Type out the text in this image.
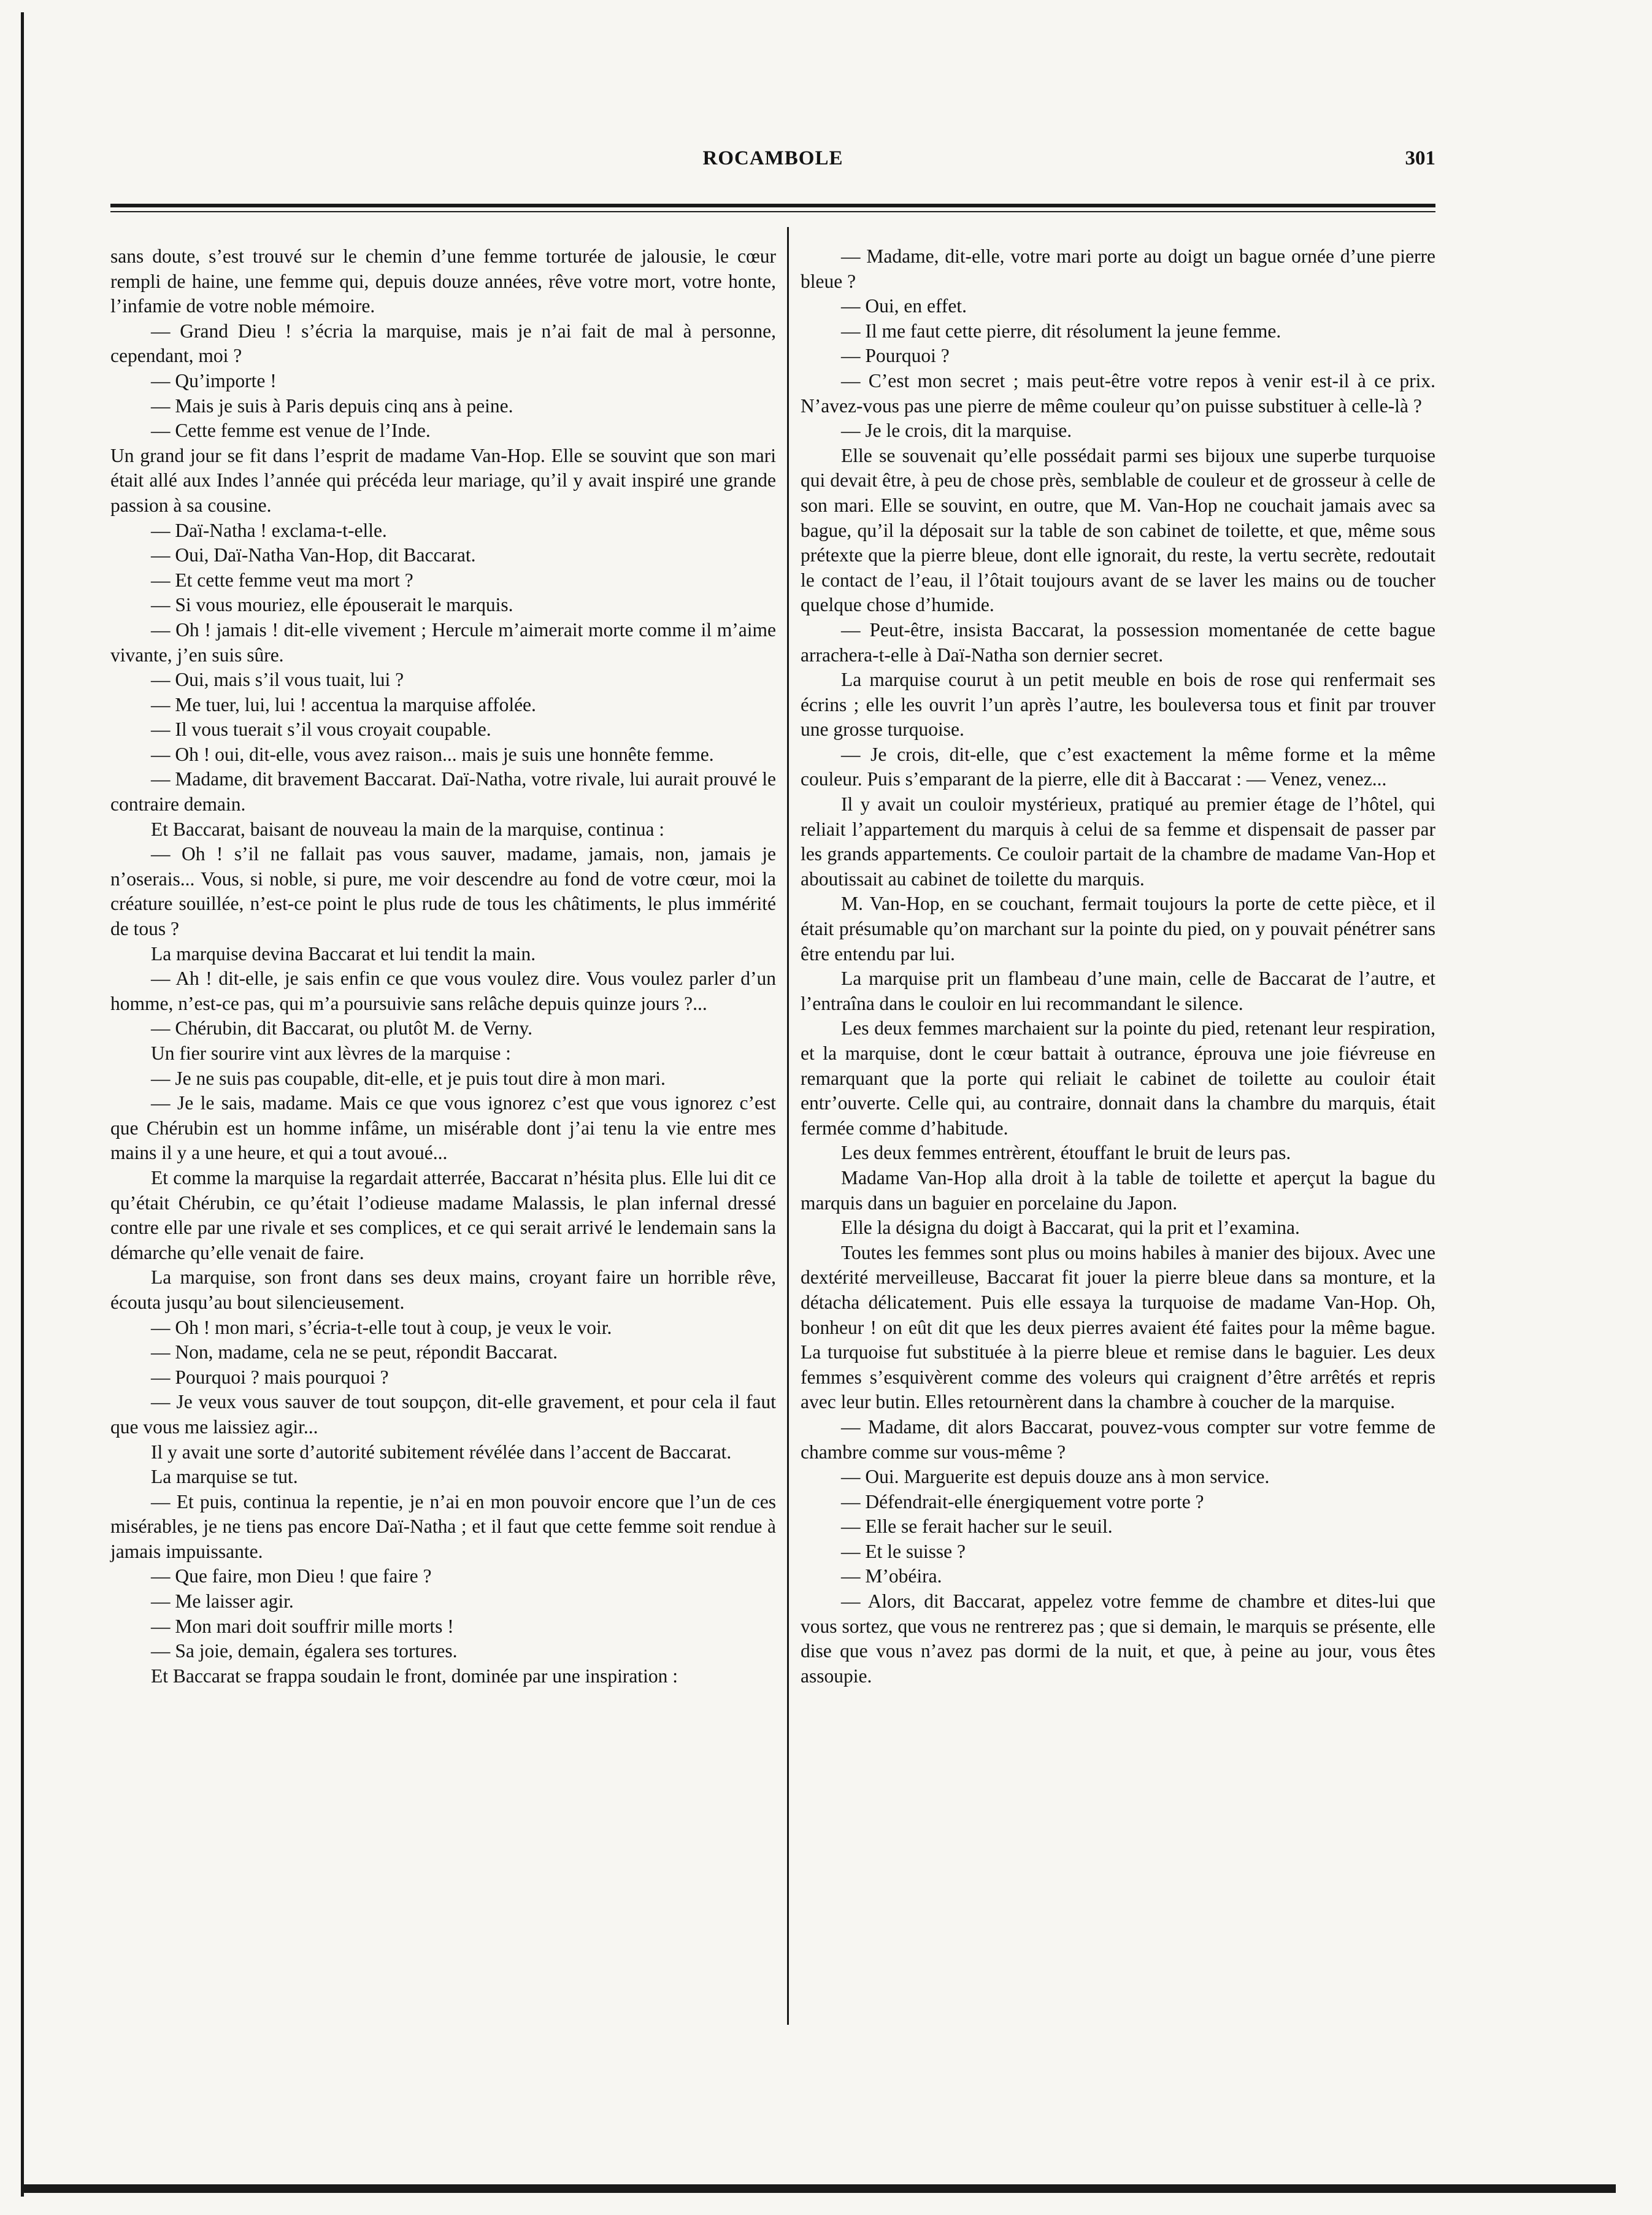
ROCAMBOLE	301

sans doute, s’est trouvé sur le chemin d’une femme torturée de jalousie, le cœur rempli de haine, une femme qui, depuis douze années, rêve votre mort, votre honte, l’infamie de votre noble mémoire.

— Grand Dieu ! s’écria la marquise, mais je n’ai fait de mal à personne, cependant, moi ?

— Qu’importe !

— Mais je suis à Paris depuis cinq ans à peine.

— Cette femme est venue de l’Inde.

Un grand jour se fit dans l’esprit de madame Van-Hop. Elle se souvint que son mari était allé aux Indes l’année qui précéda leur mariage, qu’il y avait inspiré une grande passion à sa cousine.

— Daï-Natha ! exclama-t-elle.

— Oui, Daï-Natha Van-Hop, dit Baccarat.

— Et cette femme veut ma mort ?

— Si vous mouriez, elle épouserait le marquis.

— Oh ! jamais ! dit-elle vivement ; Hercule m’aimerait morte comme il m’aime vivante, j’en suis sûre.

— Oui, mais s’il vous tuait, lui ?

— Me tuer, lui, lui ! accentua la marquise affolée.

— Il vous tuerait s’il vous croyait coupable.

— Oh ! oui, dit-elle, vous avez raison... mais je suis une honnête femme.

— Madame, dit bravement Baccarat. Daï-Natha, votre rivale, lui aurait prouvé le contraire demain.

Et Baccarat, baisant de nouveau la main de la marquise, continua :

— Oh ! s’il ne fallait pas vous sauver, madame, jamais, non, jamais je n’oserais... Vous, si noble, si pure, me voir descendre au fond de votre cœur, moi la créature souillée, n’est-ce point le plus rude de tous les châtiments, le plus immérité de tous ?

La marquise devina Baccarat et lui tendit la main.

— Ah ! dit-elle, je sais enfin ce que vous voulez dire. Vous voulez parler d’un homme, n’est-ce pas, qui m’a poursuivie sans relâche depuis quinze jours ?...

— Chérubin, dit Baccarat, ou plutôt M. de Verny.

Un fier sourire vint aux lèvres de la marquise :

— Je ne suis pas coupable, dit-elle, et je puis tout dire à mon mari.

— Je le sais, madame. Mais ce que vous ignorez c’est que vous ignorez c’est que Chérubin est un homme infâme, un misérable dont j’ai tenu la vie entre mes mains il y a une heure, et qui a tout avoué...

Et comme la marquise la regardait atterrée, Baccarat n’hésita plus. Elle lui dit ce qu’était Chérubin, ce qu’était l’odieuse madame Malassis, le plan infernal dressé contre elle par une rivale et ses complices, et ce qui serait arrivé le lendemain sans la démarche qu’elle venait de faire.

La marquise, son front dans ses deux mains, croyant faire un horrible rêve, écouta jusqu’au bout silencieusement.

— Oh ! mon mari, s’écria-t-elle tout à coup, je veux le voir.

— Non, madame, cela ne se peut, répondit Baccarat.

— Pourquoi ? mais pourquoi ?

— Je veux vous sauver de tout soupçon, dit-elle gravement, et pour cela il faut que vous me laissiez agir...

Il y avait une sorte d’autorité subitement révélée dans l’accent de Baccarat.

La marquise se tut.

— Et puis, continua la repentie, je n’ai en mon pouvoir encore que l’un de ces misérables, je ne tiens pas encore Daï-Natha ; et il faut que cette femme soit rendue à jamais impuissante.

— Que faire, mon Dieu ! que faire ?

— Me laisser agir.

— Mon mari doit souffrir mille morts !

— Sa joie, demain, égalera ses tortures.

Et Baccarat se frappa soudain le front, dominée par une inspiration :

— Madame, dit-elle, votre mari porte au doigt un bague ornée d’une pierre bleue ?

— Oui, en effet.

— Il me faut cette pierre, dit résolument la jeune femme.

— Pourquoi ?

— C’est mon secret ; mais peut-être votre repos à venir est-il à ce prix. N’avez-vous pas une pierre de même couleur qu’on puisse substituer à celle-là ?

— Je le crois, dit la marquise.

Elle se souvenait qu’elle possédait parmi ses bijoux une superbe turquoise qui devait être, à peu de chose près, semblable de couleur et de grosseur à celle de son mari. Elle se souvint, en outre, que M. Van-Hop ne couchait jamais avec sa bague, qu’il la déposait sur la table de son cabinet de toilette, et que, même sous prétexte que la pierre bleue, dont elle ignorait, du reste, la vertu secrète, redoutait le contact de l’eau, il l’ôtait toujours avant de se laver les mains ou de toucher quelque chose d’humide.

— Peut-être, insista Baccarat, la possession momentanée de cette bague arrachera-t-elle à Daï-Natha son dernier secret.

La marquise courut à un petit meuble en bois de rose qui renfermait ses écrins ; elle les ouvrit l’un après l’autre, les bouleversa tous et finit par trouver une grosse turquoise.

— Je crois, dit-elle, que c’est exactement la même forme et la même couleur. Puis s’emparant de la pierre, elle dit à Baccarat : — Venez, venez...

Il y avait un couloir mystérieux, pratiqué au premier étage de l’hôtel, qui reliait l’appartement du marquis à celui de sa femme et dispensait de passer par les grands appartements. Ce couloir partait de la chambre de madame Van-Hop et aboutissait au cabinet de toilette du marquis.

M. Van-Hop, en se couchant, fermait toujours la porte de cette pièce, et il était présumable qu’on marchant sur la pointe du pied, on y pouvait pénétrer sans être entendu par lui.

La marquise prit un flambeau d’une main, celle de Baccarat de l’autre, et l’entraîna dans le couloir en lui recommandant le silence.

Les deux femmes marchaient sur la pointe du pied, retenant leur respiration, et la marquise, dont le cœur battait à outrance, éprouva une joie fiévreuse en remarquant que la porte qui reliait le cabinet de toilette au couloir était entr’ouverte. Celle qui, au contraire, donnait dans la chambre du marquis, était fermée comme d’habitude.

Les deux femmes entrèrent, étouffant le bruit de leurs pas.

Madame Van-Hop alla droit à la table de toilette et aperçut la bague du marquis dans un baguier en porcelaine du Japon.

Elle la désigna du doigt à Baccarat, qui la prit et l’examina.

Toutes les femmes sont plus ou moins habiles à manier des bijoux. Avec une dextérité merveilleuse, Baccarat fit jouer la pierre bleue dans sa monture, et la détacha délicatement. Puis elle essaya la turquoise de madame Van-Hop. Oh, bonheur ! on eût dit que les deux pierres avaient été faites pour la même bague. La turquoise fut substituée à la pierre bleue et remise dans le baguier. Les deux femmes s’esquivèrent comme des voleurs qui craignent d’être arrêtés et repris avec leur butin. Elles retournèrent dans la chambre à coucher de la marquise.

— Madame, dit alors Baccarat, pouvez-vous compter sur votre femme de chambre comme sur vous-même ?

— Oui. Marguerite est depuis douze ans à mon service.

— Défendrait-elle énergiquement votre porte ?

— Elle se ferait hacher sur le seuil.

— Et le suisse ?

— M’obéira.

— Alors, dit Baccarat, appelez votre femme de chambre et dites-lui que vous sortez, que vous ne rentrerez pas ; que si demain, le marquis se présente, elle dise que vous n’avez pas dormi de la nuit, et que, à peine au jour, vous êtes assoupie.
